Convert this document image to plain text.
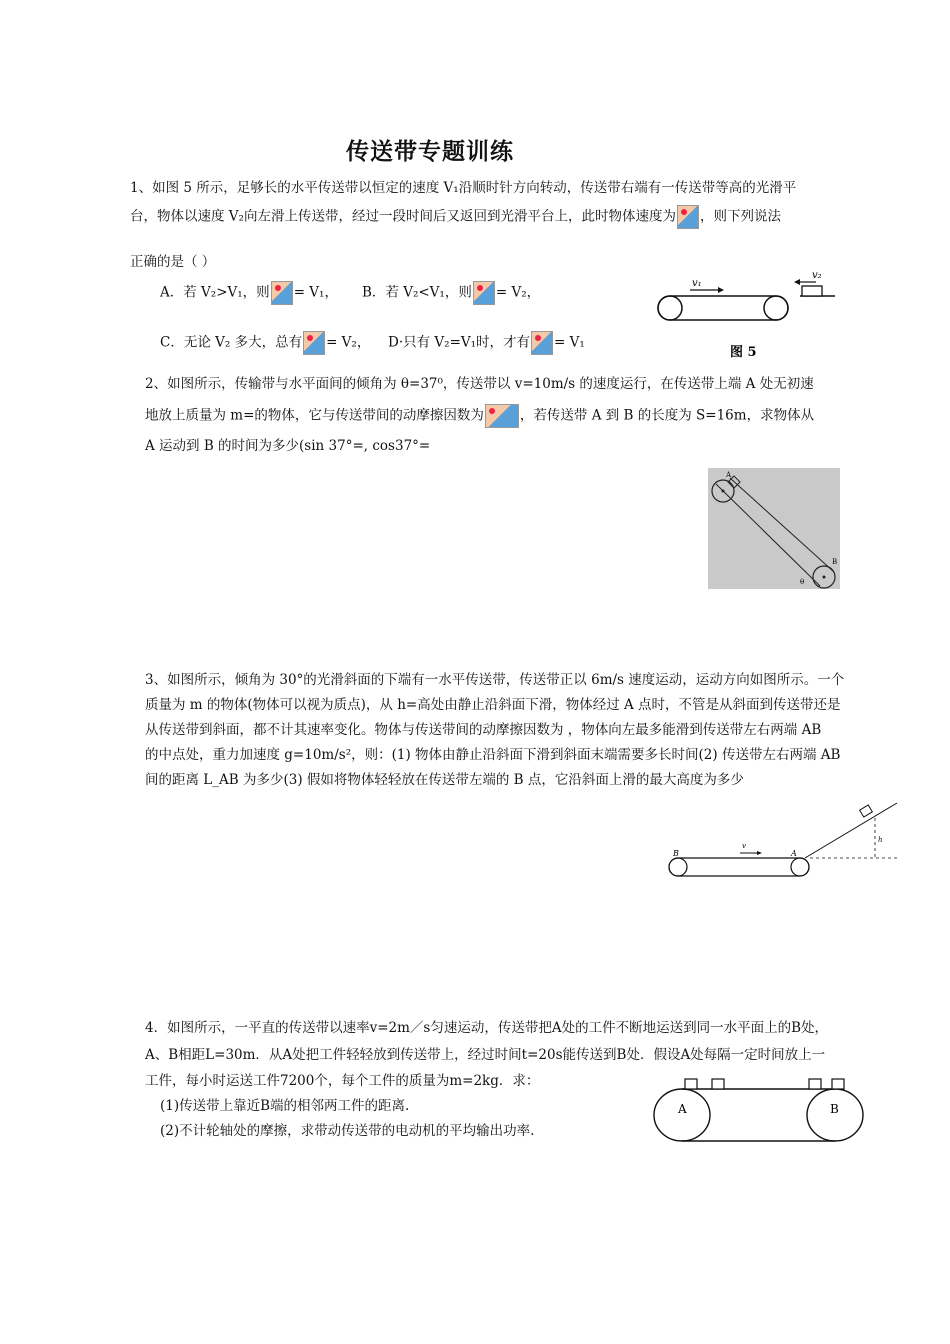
传送带专题训练
1、如图 5 所示，足够长的水平传送带以恒定的速度 V₁沿顺时针方向转动，传送带右端有一传送带等高的光滑平
台，物体以速度 V₂向左滑上传送带，经过一段时间后又返回到光滑平台上，此时物体速度为 ，则下列说法
正确的是（ ）
A．若 V₂>V₁，则 = V₁， B．若 V₂<V₁，则 = V₂，
C．无论 V₂ 多大，总有 = V₂， D·只有 V₂=V₁时，才有 = V₁
v₁
v₂
图 5
2、如图所示，传输带与水平面间的倾角为 θ=37⁰，传送带以 v=10m/s 的速度运行，在传送带上端 A 处无初速
地放上质量为 m=的物体，它与传送带间的动摩擦因数为	，若传送带 A 到 B 的长度为 S=16m，求物体从
A 运动到 B 的时间为多少(sin 37°=, cos37°=
A
B
θ
3、如图所示，倾角为 30°的光滑斜面的下端有一水平传送带，传送带正以 6m/s 速度运动，运动方向如图所示。一个
质量为 m 的物体(物体可以视为质点)，从 h=高处由静止沿斜面下滑，物体经过 A 点时，不管是从斜面到传送带还是
从传送带到斜面，都不计其速率变化。物体与传送带间的动摩擦因数为 ，物体向左最多能滑到传送带左右两端 AB
的中点处，重力加速度 g=10m/s²，则：(1) 物体由静止沿斜面下滑到斜面末端需要多长时间(2) 传送带左右两端 AB
间的距离 L_AB 为多少(3) 假如将物体轻轻放在传送带左端的 B 点，它沿斜面上滑的最大高度为多少
v
B	A
h
4．如图所示，一平直的传送带以速率v=2m／s匀速运动，传送带把A处的工件不断地运送到同一水平面上的B处，
A、B相距L=30m．从A处把工件轻轻放到传送带上，经过时间t=20s能传送到B处．假设A处每隔一定时间放上一
工件，每小时运送工件7200个，每个工件的质量为m=2kg．求：
(1)传送带上靠近B端的相邻两工件的距离.
(2)不计轮轴处的摩擦，求带动传送带的电动机的平均输出功率.
A	B
